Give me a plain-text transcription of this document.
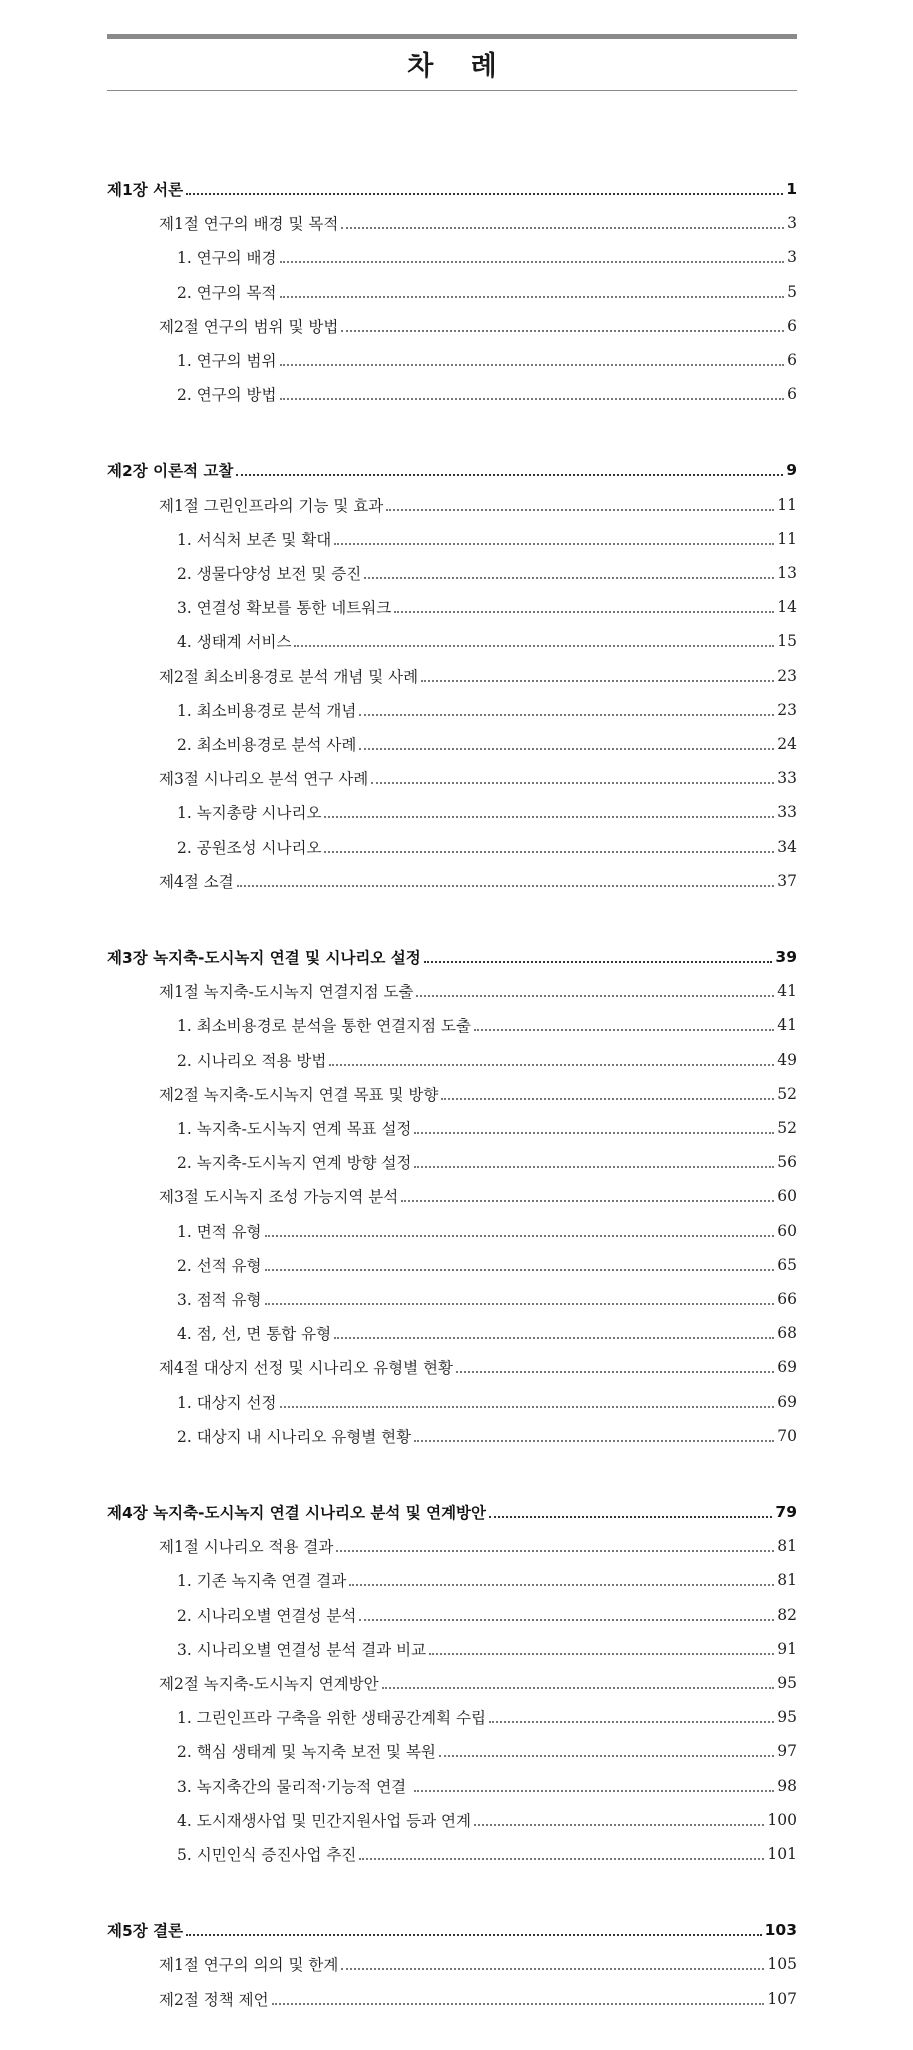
차 례
제1장 서론	1
제1절 연구의 배경 및 목적	3
1. 연구의 배경	3
2. 연구의 목적	5
제2절 연구의 범위 및 방법	6
1. 연구의 범위	6
2. 연구의 방법	6
제2장 이론적 고찰	9
제1절 그린인프라의 기능 및 효과	11
1. 서식처 보존 및 확대	11
2. 생물다양성 보전 및 증진	13
3. 연결성 확보를 통한 네트워크	14
4. 생태계 서비스	15
제2절 최소비용경로 분석 개념 및 사례	23
1. 최소비용경로 분석 개념	23
2. 최소비용경로 분석 사례	24
제3절 시나리오 분석 연구 사례	33
1. 녹지총량 시나리오	33
2. 공원조성 시나리오	34
제4절 소결	37
제3장 녹지축-도시녹지 연결 및 시나리오 설정	39
제1절 녹지축-도시녹지 연결지점 도출	41
1. 최소비용경로 분석을 통한 연결지점 도출	41
2. 시나리오 적용 방법	49
제2절 녹지축-도시녹지 연결 목표 및 방향	52
1. 녹지축-도시녹지 연계 목표 설정	52
2. 녹지축-도시녹지 연계 방향 설정	56
제3절 도시녹지 조성 가능지역 분석	60
1. 면적 유형	60
2. 선적 유형	65
3. 점적 유형	66
4. 점, 선, 면 통합 유형	68
제4절 대상지 선정 및 시나리오 유형별 현황	69
1. 대상지 선정	69
2. 대상지 내 시나리오 유형별 현황	70
제4장 녹지축-도시녹지 연결 시나리오 분석 및 연계방안	79
제1절 시나리오 적용 결과	81
1. 기존 녹지축 연결 결과	81
2. 시나리오별 연결성 분석	82
3. 시나리오별 연결성 분석 결과 비교	91
제2절 녹지축-도시녹지 연계방안	95
1. 그린인프라 구축을 위한 생태공간계획 수립	95
2. 핵심 생태계 및 녹지축 보전 및 복원	97
3. 녹지축간의 물리적·기능적 연결	98
4. 도시재생사업 및 민간지원사업 등과 연계	100
5. 시민인식 증진사업 추진	101
제5장 결론	103
제1절 연구의 의의 및 한계	105
제2절 정책 제언	107
